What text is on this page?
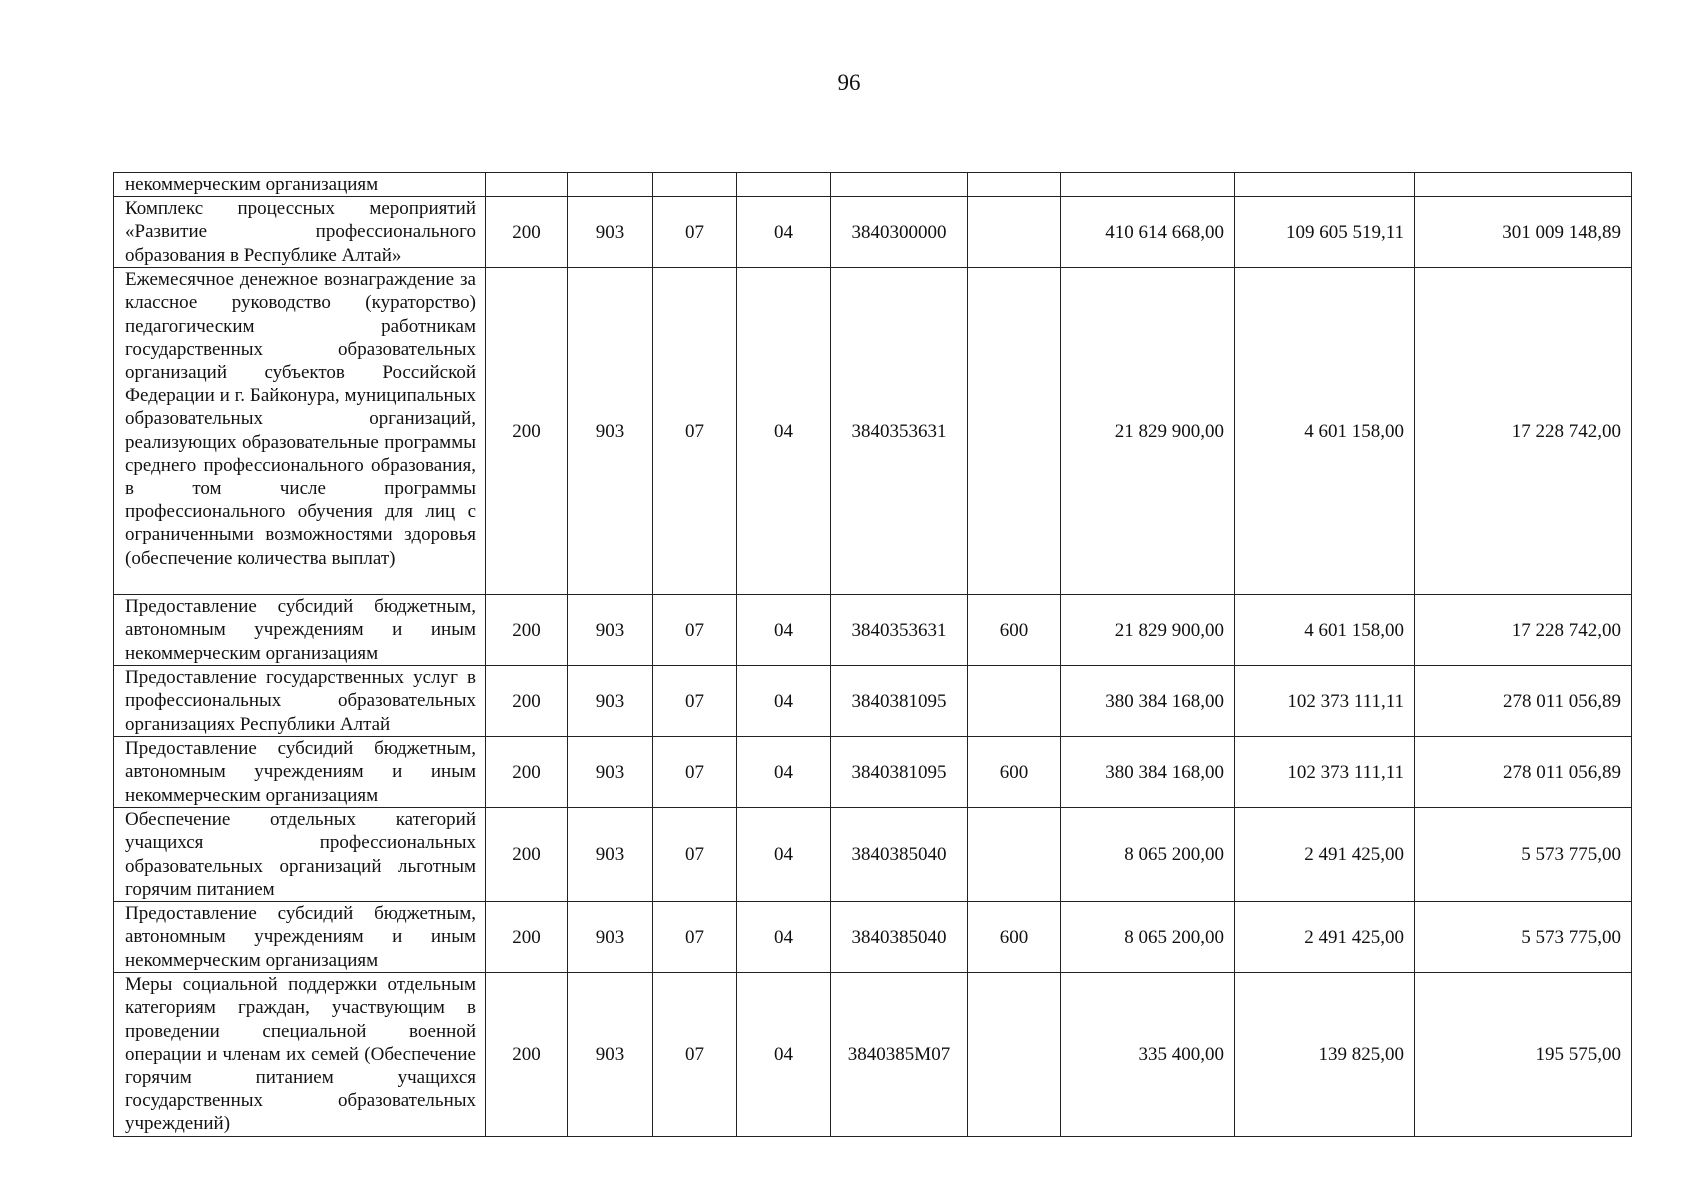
96
некоммерческим организациям									
Комплекс процессных мероприятий «Развитие профессионального образования в Республике Алтай»	200	903	07	04	3840300000		410 614 668,00	109 605 519,11	301 009 148,89
Ежемесячное денежное вознаграждение за классное руководство (кураторство) педагогическим работникам государственных образовательных организаций субъектов Российской Федерации и г. Байконура, муниципальных образовательных организаций, реализующих образовательные программы среднего профессионального образования, в том числе программы профессионального обучения для лиц с ограниченными возможностями здоровья (обеспечение количества выплат)	200	903	07	04	3840353631		21 829 900,00	4 601 158,00	17 228 742,00
Предоставление субсидий бюджетным, автономным учреждениям и иным некоммерческим организациям	200	903	07	04	3840353631	600	21 829 900,00	4 601 158,00	17 228 742,00
Предоставление государственных услуг в профессиональных образовательных организациях Республики Алтай	200	903	07	04	3840381095		380 384 168,00	102 373 111,11	278 011 056,89
Предоставление субсидий бюджетным, автономным учреждениям и иным некоммерческим организациям	200	903	07	04	3840381095	600	380 384 168,00	102 373 111,11	278 011 056,89
Обеспечение отдельных категорий учащихся профессиональных образовательных организаций льготным горячим питанием	200	903	07	04	3840385040		8 065 200,00	2 491 425,00	5 573 775,00
Предоставление субсидий бюджетным, автономным учреждениям и иным некоммерческим организациям	200	903	07	04	3840385040	600	8 065 200,00	2 491 425,00	5 573 775,00
Меры социальной поддержки отдельным категориям граждан, участвующим в проведении специальной военной операции и членам их семей (Обеспечение горячим питанием учащихся государственных образовательных учреждений)	200	903	07	04	3840385М07		335 400,00	139 825,00	195 575,00
